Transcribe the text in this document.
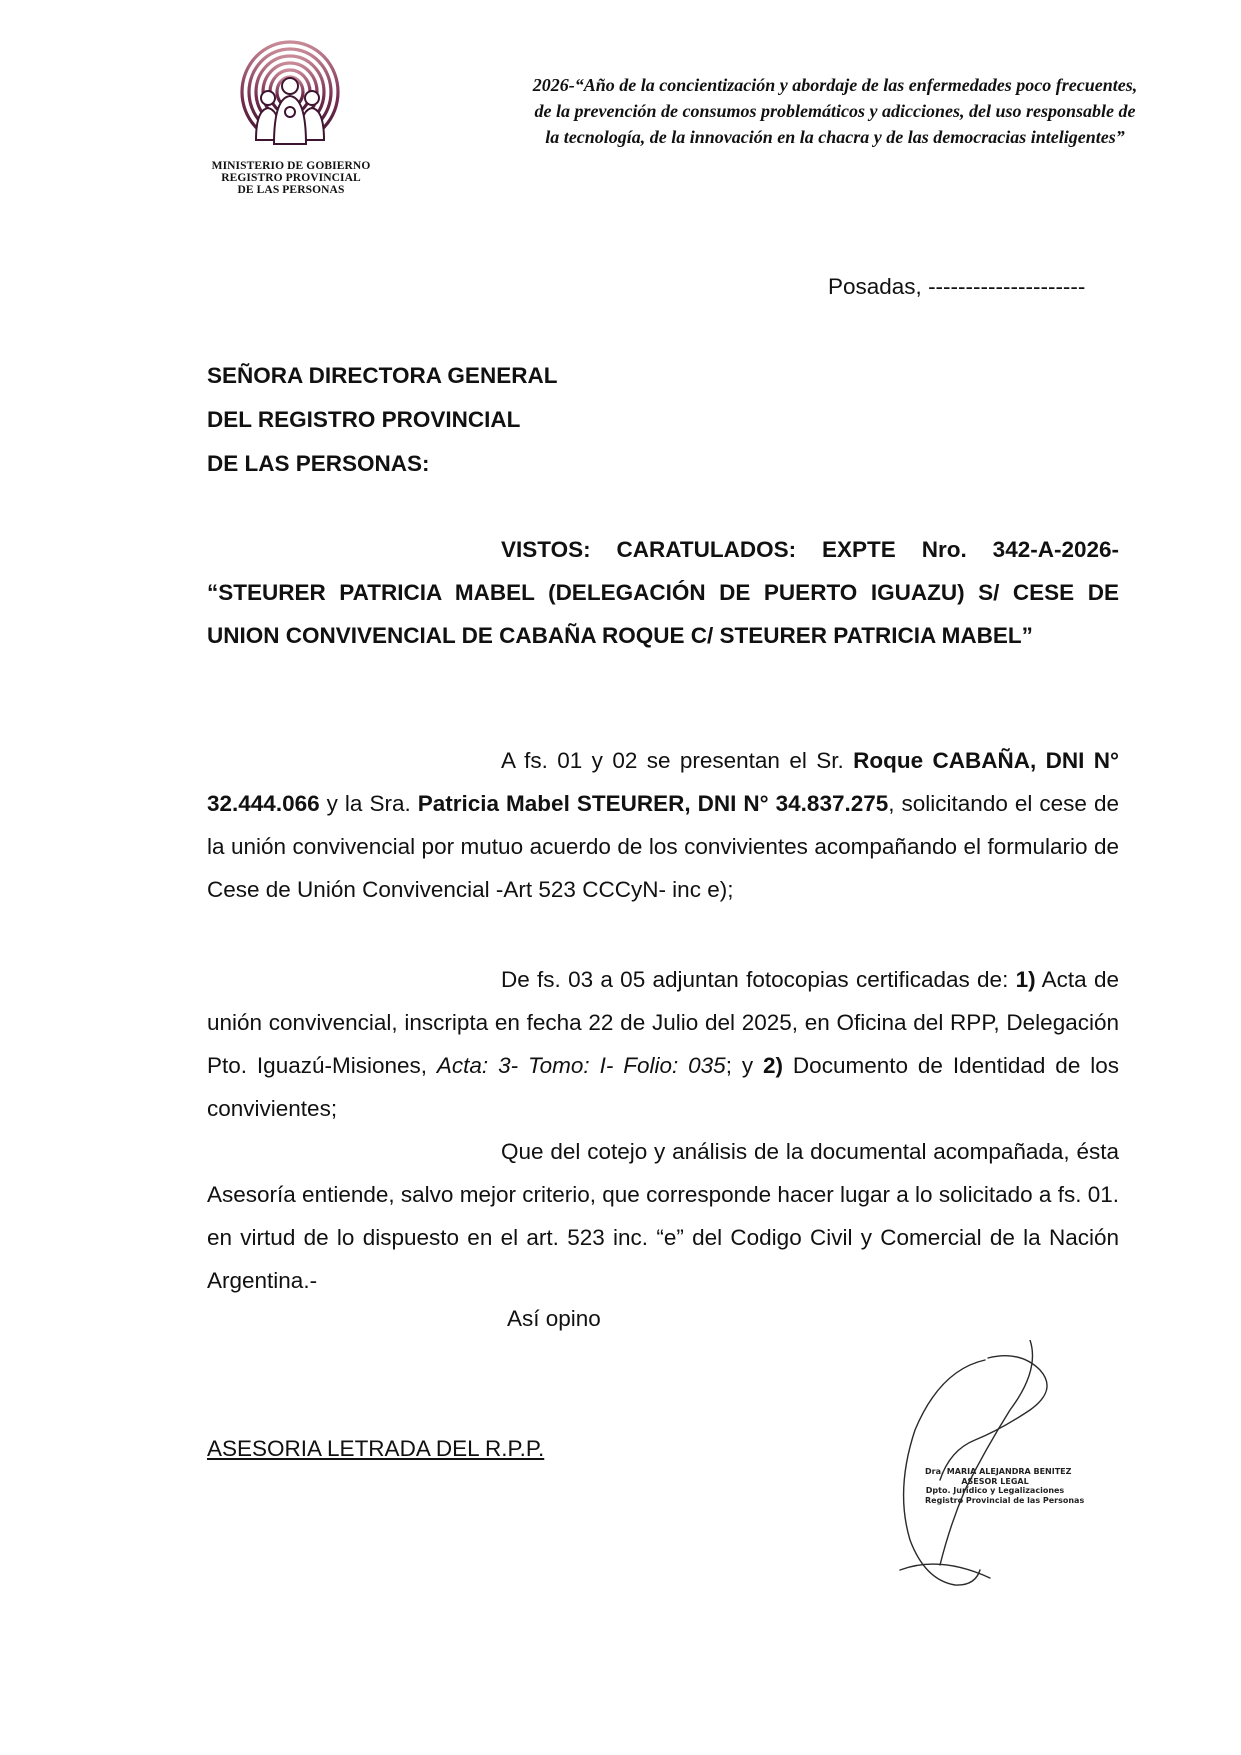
MINISTERIO DE GOBIERNO
REGISTRO PROVINCIAL
DE LAS PERSONAS
2026-“Año de la concientización y abordaje de las enfermedades poco frecuentes,
de la prevención de consumos problemáticos y adicciones, del uso responsable de
la tecnología, de la innovación en la chacra y de las democracias inteligentes”
Posadas, ---------------------
SEÑORA DIRECTORA GENERAL
DEL REGISTRO PROVINCIAL
DE LAS PERSONAS:
VISTOS: CARATULADOS: EXPTE Nro. 342-A-2026- “STEURER PATRICIA MABEL (DELEGACIÓN DE PUERTO IGUAZU) S/ CESE DE UNION CONVIVENCIAL DE CABAÑA ROQUE C/ STEURER PATRICIA MABEL”
A fs. 01 y 02 se presentan el Sr. Roque CABAÑA, DNI N° 32.444.066 y la Sra. Patricia Mabel STEURER, DNI N° 34.837.275, solicitando el cese de la unión convivencial por mutuo acuerdo de los convivientes acompañando el formulario de Cese de Unión Convivencial -Art 523 CCCyN- inc e);
De fs. 03 a 05 adjuntan fotocopias certificadas de: 1) Acta de unión convivencial, inscripta en fecha 22 de Julio del 2025, en Oficina del RPP, Delegación Pto. Iguazú-Misiones, Acta: 3- Tomo: I- Folio: 035; y 2) Documento de Identidad de los convivientes;
Que del cotejo y análisis de la documental acompañada, ésta Asesoría entiende, salvo mejor criterio, que corresponde hacer lugar a lo solicitado a fs. 01. en virtud de lo dispuesto en el art. 523 inc. “e” del Codigo Civil y Comercial de la Nación Argentina.-
Así opino
ASESORIA LETRADA DEL R.P.P.
Dra. MARIA ALEJANDRA BENITEZ
ASESOR LEGAL
Dpto. Jurídico y Legalizaciones
Registro Provincial de las Personas
